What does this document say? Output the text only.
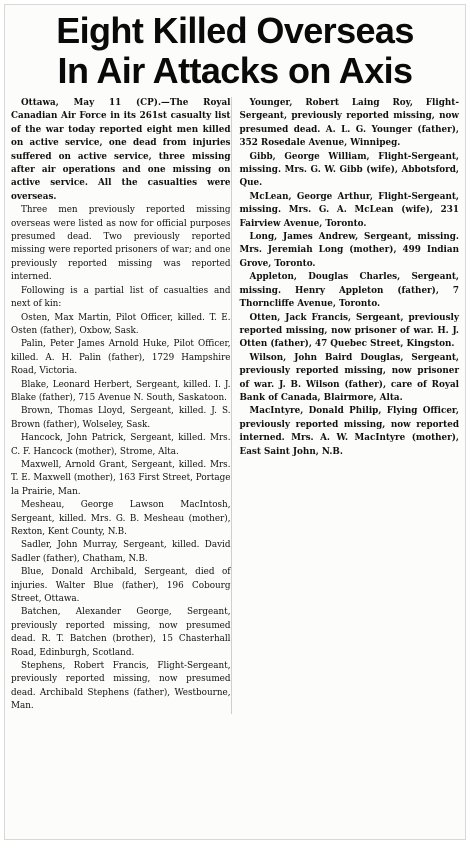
Eight Killed Overseas
In Air Attacks on Axis

Ottawa, May 11 (CP).—The Royal Canadian Air Force in its 261st casualty list of the war today reported eight men killed on active service, one dead from injuries suffered on active service, three missing after air operations and one missing on active service. All the casualties were overseas.

Three men previously reported missing overseas were listed as now for official purposes presumed dead. Two previously reported missing were reported prisoners of war; and one previously reported missing was reported interned.

Following is a partial list of casualties and next of kin:

Osten, Max Martin, Pilot Officer, killed. T. E. Osten (father), Oxbow, Sask.

Palin, Peter James Arnold Huke, Pilot Officer, killed. A. H. Palin (father), 1729 Hampshire Road, Victoria.

Blake, Leonard Herbert, Sergeant, killed. I. J. Blake (father), 715 Avenue N. South, Saskatoon.

Brown, Thomas Lloyd, Sergeant, killed. J. S. Brown (father), Wolseley, Sask.

Hancock, John Patrick, Sergeant, killed. Mrs. C. F. Hancock (mother), Strome, Alta.

Maxwell, Arnold Grant, Sergeant, killed. Mrs. T. E. Maxwell (mother), 163 First Street, Portage la Prairie, Man.

Mesheau, George Lawson MacIntosh, Sergeant, killed. Mrs. G. B. Mesheau (mother), Rexton, Kent County, N.B.

Sadler, John Murray, Sergeant, killed. David Sadler (father), Chatham, N.B.

Blue, Donald Archibald, Sergeant, died of injuries. Walter Blue (father), 196 Cobourg Street, Ottawa.

Batchen, Alexander George, Sergeant, previously reported missing, now presumed dead. R. T. Batchen (brother), 15 Chasterhall Road, Edinburgh, Scotland.

Stephens, Robert Francis, Flight-Sergeant, previously reported missing, now presumed dead. Archibald Stephens (father), Westbourne, Man.

Younger, Robert Laing Roy, Flight-Sergeant, previously reported missing, now presumed dead. A. L. G. Younger (father), 352 Rosedale Avenue, Winnipeg.

Gibb, George William, Flight-Sergeant, missing. Mrs. G. W. Gibb (wife), Abbotsford, Que.

McLean, George Arthur, Flight-Sergeant, missing. Mrs. G. A. McLean (wife), 231 Fairview Avenue, Toronto.

Long, James Andrew, Sergeant, missing. Mrs. Jeremiah Long (mother), 499 Indian Grove, Toronto.

Appleton, Douglas Charles, Sergeant, missing. Henry Appleton (father), 7 Thorncliffe Avenue, Toronto.

Otten, Jack Francis, Sergeant, previously reported missing, now prisoner of war. H. J. Otten (father), 47 Quebec Street, Kingston.

Wilson, John Baird Douglas, Sergeant, previously reported missing, now prisoner of war. J. B. Wilson (father), care of Royal Bank of Canada, Blairmore, Alta.

MacIntyre, Donald Philip, Flying Officer, previously reported missing, now reported interned. Mrs. A. W. MacIntyre (mother), East Saint John, N.B.
